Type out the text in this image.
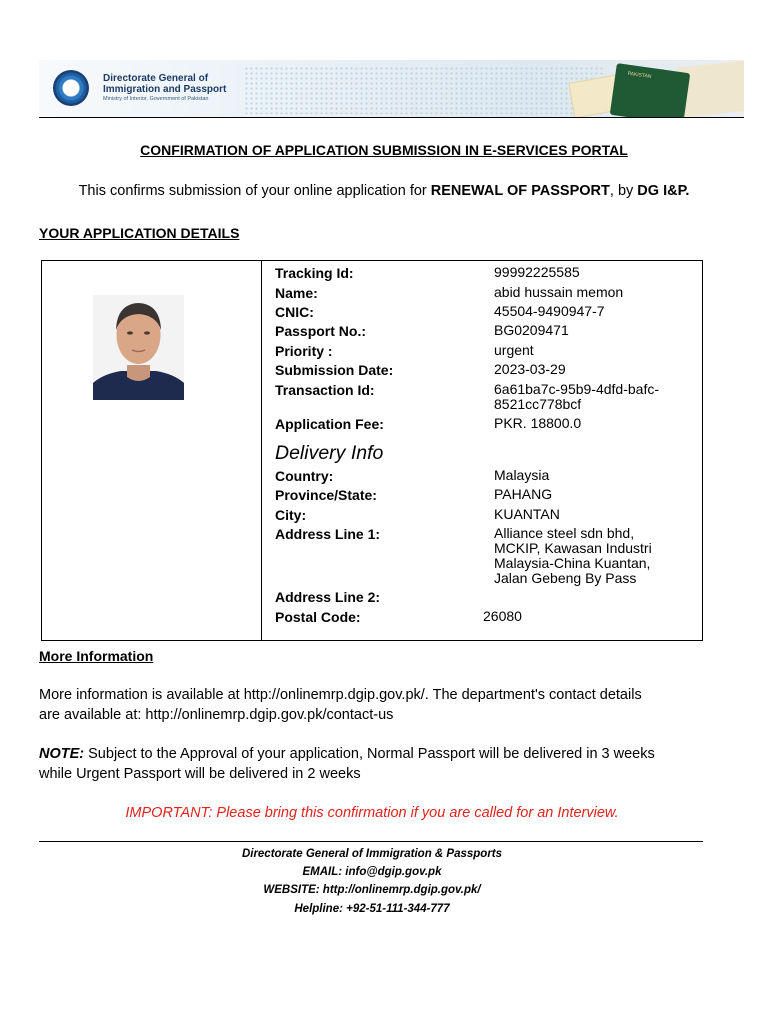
Directorate General of
Immigration and Passport
Ministry of Interior, Government of Pakistan
PAKISTAN
CONFIRMATION OF APPLICATION SUBMISSION IN E-SERVICES PORTAL
This confirms submission of your online application for RENEWAL OF PASSPORT, by DG I&P.
YOUR APPLICATION DETAILS
Tracking Id:	99992225585
Name:	abid hussain memon
CNIC:	45504-9490947-7
Passport No.:	BG0209471
Priority :	urgent
Submission Date:	2023-03-29
Transaction Id:	6a61ba7c-95b9-4dfd-bafc-
8521cc778bcf
Application Fee:	PKR. 18800.0
Delivery Info
Country:	Malaysia
Province/State:	PAHANG
City:	KUANTAN
Address Line 1:	Alliance steel sdn bhd,
MCKIP, Kawasan Industri
Malaysia-China Kuantan,
Jalan Gebeng By Pass
Address Line 2:
Postal Code:	26080
More Information
More information is available at http://onlinemrp.dgip.gov.pk/. The department's contact details
are available at: http://onlinemrp.dgip.gov.pk/contact-us
NOTE: Subject to the Approval of your application, Normal Passport will be delivered in 3 weeks
while Urgent Passport will be delivered in 2 weeks
IMPORTANT: Please bring this confirmation if you are called for an Interview.
Directorate General of Immigration & Passports
EMAIL: info@dgip.gov.pk
WEBSITE: http://onlinemrp.dgip.gov.pk/
Helpline: +92-51-111-344-777
